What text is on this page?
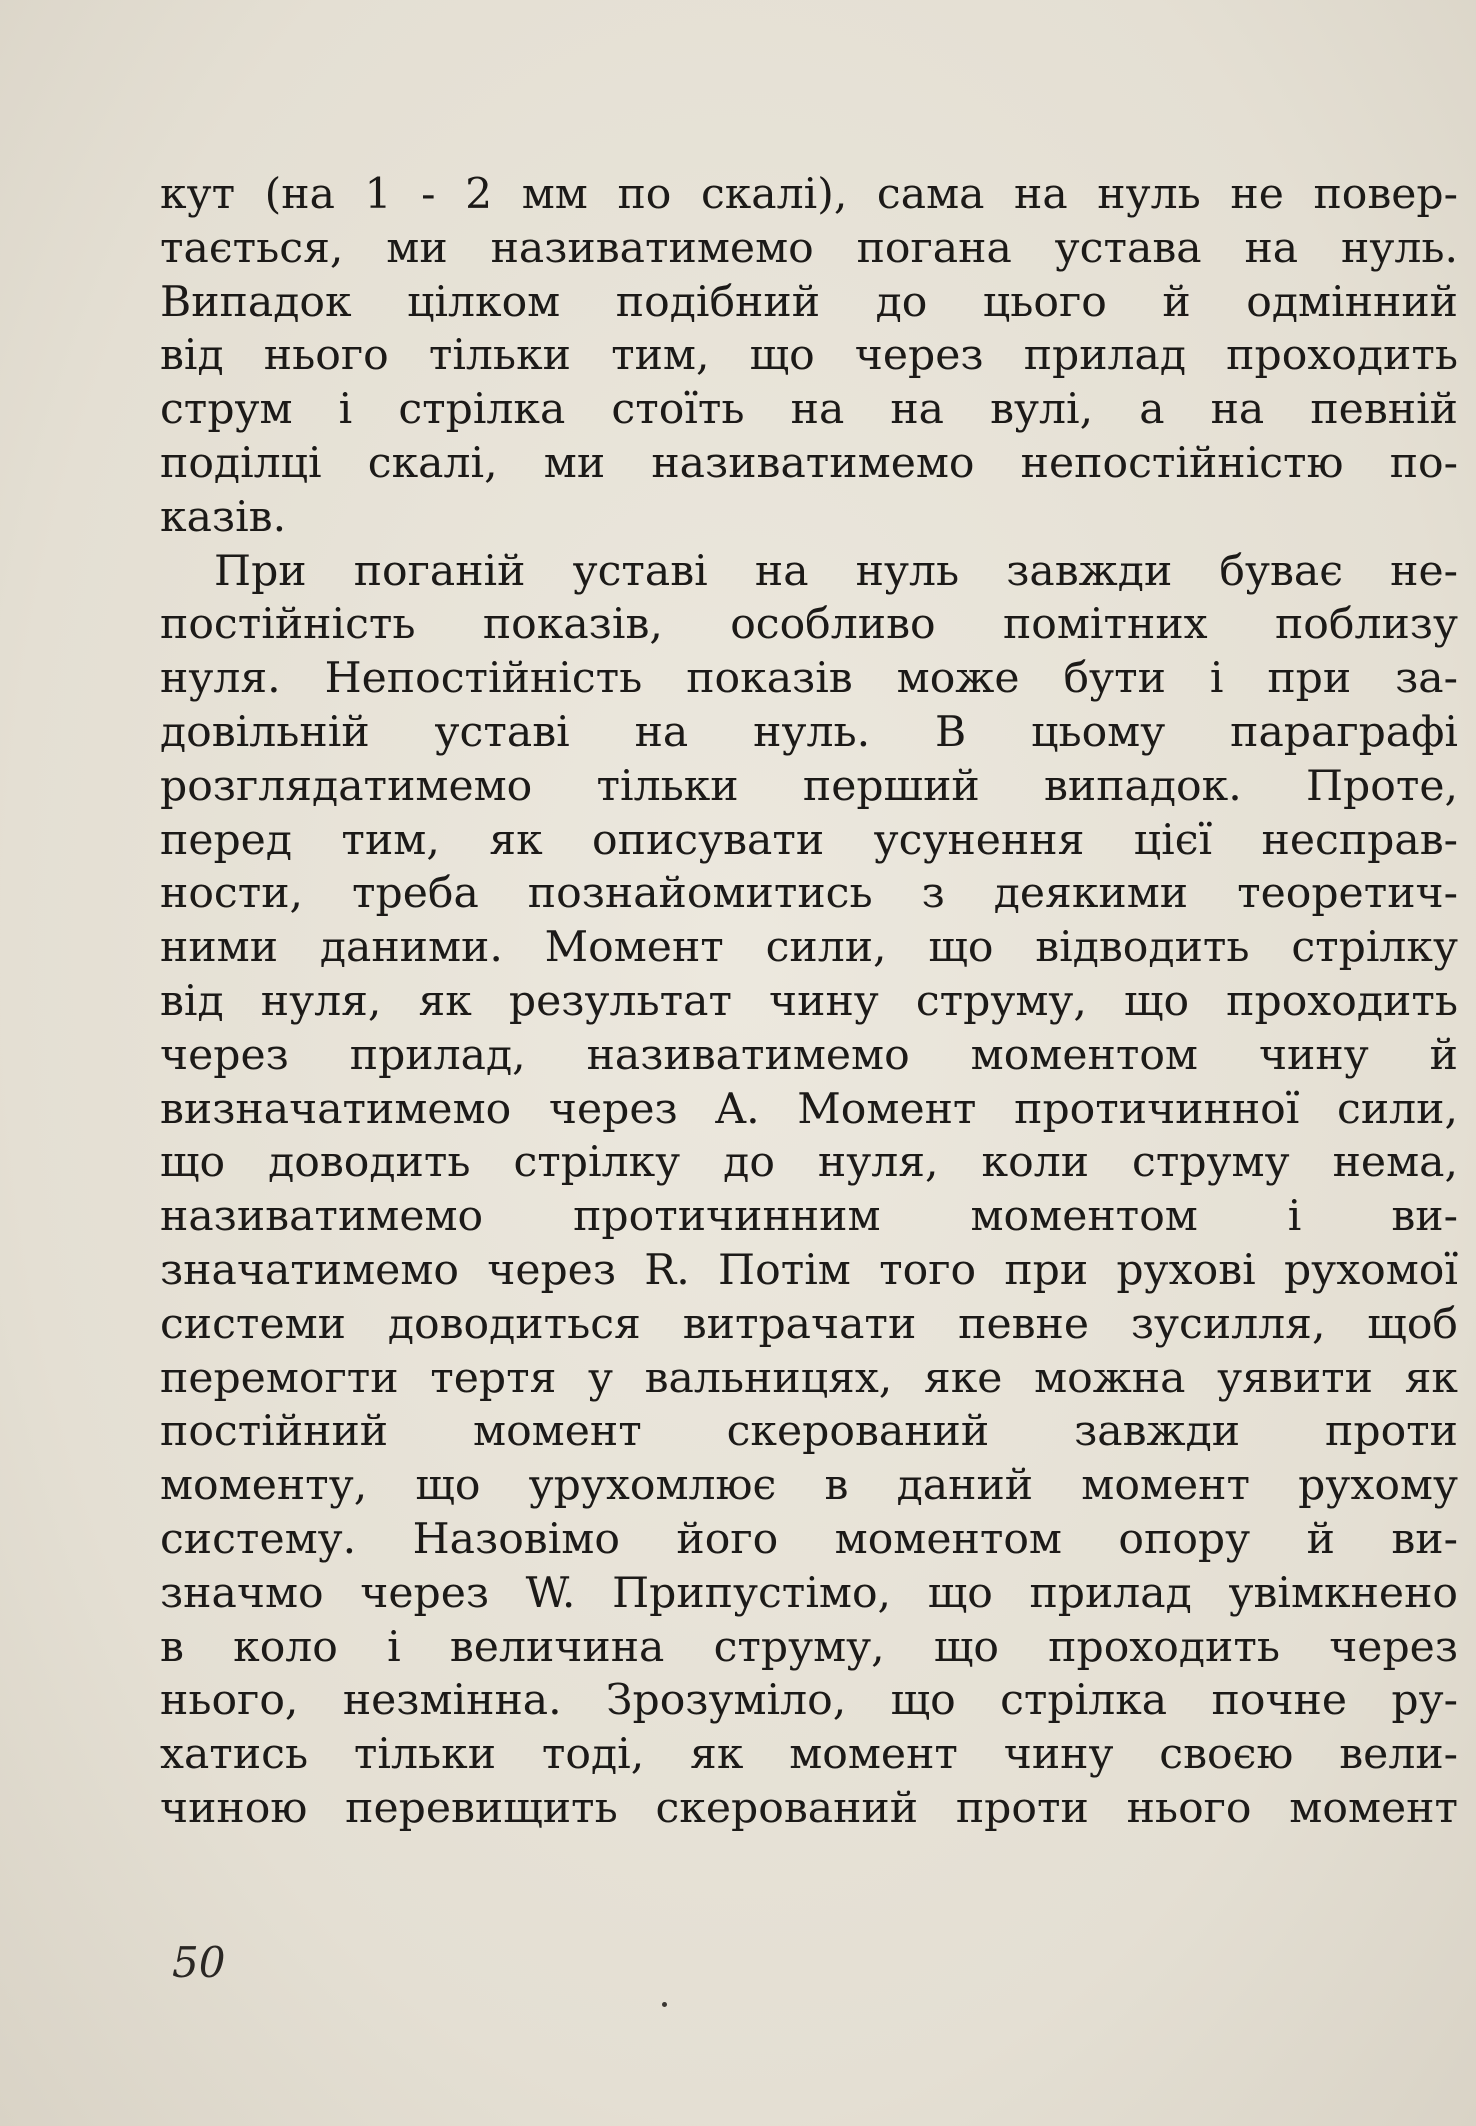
кут (на 1 - 2 мм по скалі), сама на нуль не повер-
тається, ми називатимемо погана устава на нуль.
Випадок цілком подібний до цього й одмінний
від нього тільки тим, що через прилад проходить
струм і стрілка стоїть на на вулі, а на певній
поділці скалі, ми називатимемо непостійністю по-
казів.
При поганій уставі на нуль завжди буває не-
постійність показів, особливо помітних поблизу
нуля. Непостійність показів може бути і при за-
довільній уставі на нуль. В цьому параграфі
розглядатимемо тільки перший випадок. Проте,
перед тим, як описувати усунення цієї несправ-
ности, треба познайомитись з деякими теоретич-
ними даними. Момент сили, що відводить стрілку
від нуля, як результат чину струму, що проходить
через прилад, називатимемо моментом чину й
визначатимемо через A. Момент протичинної сили,
що доводить стрілку до нуля, коли струму нема,
називатимемо протичинним моментом і ви-
значатимемо через R. Потім того при рухові рухомої
системи доводиться витрачати певне зусилля, щоб
перемогти тертя у вальницях, яке можна уявити як
постійний момент скерований завжди проти
моменту, що урухомлює в даний момент рухому
систему. Назовімо його моментом опору й ви-
значмо через W. Припустімо, що прилад увімкнено
в коло і величина струму, що проходить через
нього, незмінна. Зрозуміло, що стрілка почне ру-
хатись тільки тоді, як момент чину своєю вели-
чиною перевищить скерований проти нього момент
50
